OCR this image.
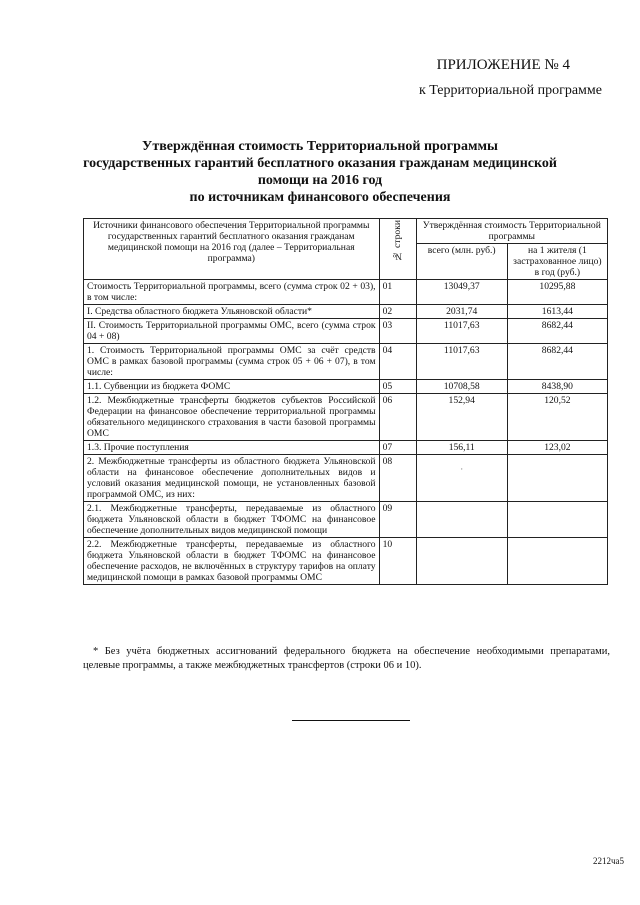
ПРИЛОЖЕНИЕ № 4
к Территориальной программе
Утверждённая стоимость Территориальной программы
государственных гарантий бесплатного оказания гражданам медицинской
помощи на 2016 год
по источникам финансового обеспечения
Источники финансового обеспечения Территориальной программы государственных гарантий бесплатного оказания гражданам медицинской помощи на 2016 год (далее – Территориальная программа)	№ строки	Утверждённая стоимость Территориальной программы	
		всего (млн. руб.)	на 1 жителя (1 застрахованное лицо) в год (руб.)
Стоимость Территориальной программы, всего (сумма строк 02 + 03), в том числе:	01	13049,37	10295,88
I. Средства областного бюджета Ульяновской области*	02	2031,74	1613,44
II. Стоимость Территориальной программы ОМС, всего (сумма строк 04 + 08)	03	11017,63	8682,44
1. Стоимость Территориальной программы ОМС за счёт средств ОМС в рамках базовой программы (сумма строк 05 + 06 + 07), в том числе:	04	11017,63	8682,44
1.1. Субвенции из бюджета ФОМС	05	10708,58	8438,90
1.2. Межбюджетные трансферты бюджетов субъектов Российской Федерации на финансовое обеспечение территориальной программы обязательного медицинского страхования в части базовой программы ОМС	06	152,94	120,52
1.3. Прочие поступления	07	156,11	123,02
2. Межбюджетные трансферты из областного бюджета Ульяновской области на финансовое обеспечение дополнительных видов и условий оказания медицинской помощи, не установленных базовой программой ОМС, из них:	08	·	

2.1. Межбюджетные трансферты, передаваемые из областного бюджета Ульяновской области в бюджет ТФОМС на финансовое обеспечение дополнительных видов медицинской помощи	09		
2.2. Межбюджетные трансферты, передаваемые из областного бюджета Ульяновской области в бюджет ТФОМС на финансовое обеспечение расходов, не включённых в структуру тарифов на оплату медицинской помощи в рамках базовой программы ОМС	10		
* Без учёта бюджетных ассигнований федерального бюджета на обеспечение необходимыми препаратами, целевые программы, а также межбюджетных трансфертов (строки 06 и 10).
2212ча5
